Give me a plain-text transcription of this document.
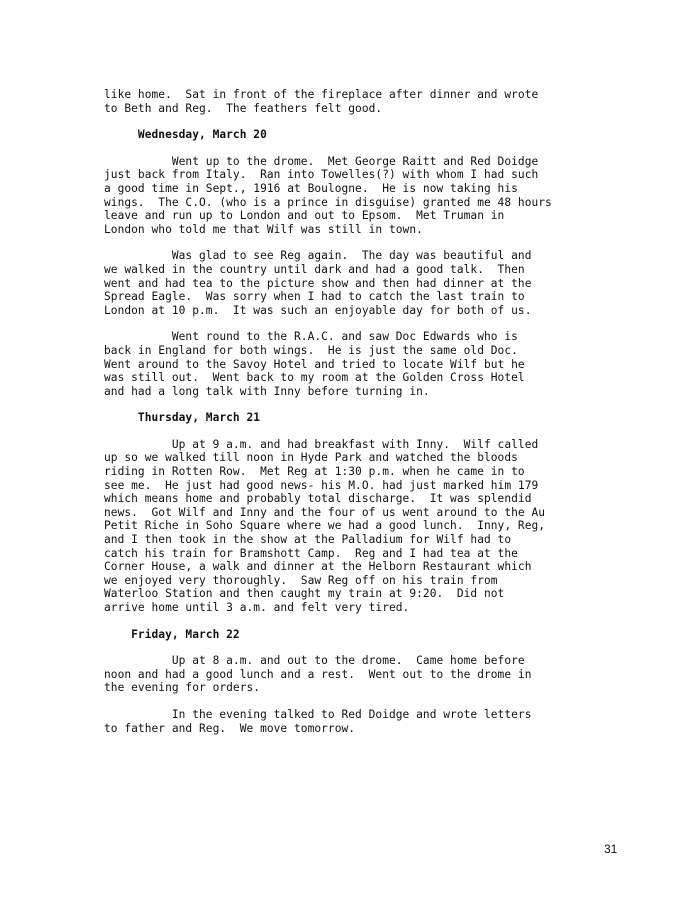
like home.  Sat in front of the fireplace after dinner and wrote
to Beth and Reg.  The feathers felt good.
Wednesday, March 20
Went up to the drome.  Met George Raitt and Red Doidge
just back from Italy.  Ran into Towelles(?) with whom I had such
a good time in Sept., 1916 at Boulogne.  He is now taking his
wings.  The C.O. (who is a prince in disguise) granted me 48 hours
leave and run up to London and out to Epsom.  Met Truman in
London who told me that Wilf was still in town.
Was glad to see Reg again.  The day was beautiful and
we walked in the country until dark and had a good talk.  Then
went and had tea to the picture show and then had dinner at the
Spread Eagle.  Was sorry when I had to catch the last train to
London at 10 p.m.  It was such an enjoyable day for both of us.
Went round to the R.A.C. and saw Doc Edwards who is
back in England for both wings.  He is just the same old Doc.
Went around to the Savoy Hotel and tried to locate Wilf but he
was still out.  Went back to my room at the Golden Cross Hotel
and had a long talk with Inny before turning in.
Thursday, March 21
Up at 9 a.m. and had breakfast with Inny.  Wilf called
up so we walked till noon in Hyde Park and watched the bloods
riding in Rotten Row.  Met Reg at 1:30 p.m. when he came in to
see me.  He just had good news- his M.O. had just marked him 179
which means home and probably total discharge.  It was splendid
news.  Got Wilf and Inny and the four of us went around to the Au
Petit Riche in Soho Square where we had a good lunch.  Inny, Reg,
and I then took in the show at the Palladium for Wilf had to
catch his train for Bramshott Camp.  Reg and I had tea at the
Corner House, a walk and dinner at the Helborn Restaurant which
we enjoyed very thoroughly.  Saw Reg off on his train from
Waterloo Station and then caught my train at 9:20.  Did not
arrive home until 3 a.m. and felt very tired.
Friday, March 22
Up at 8 a.m. and out to the drome.  Came home before
noon and had a good lunch and a rest.  Went out to the drome in
the evening for orders.
In the evening talked to Red Doidge and wrote letters
to father and Reg.  We move tomorrow.
31
